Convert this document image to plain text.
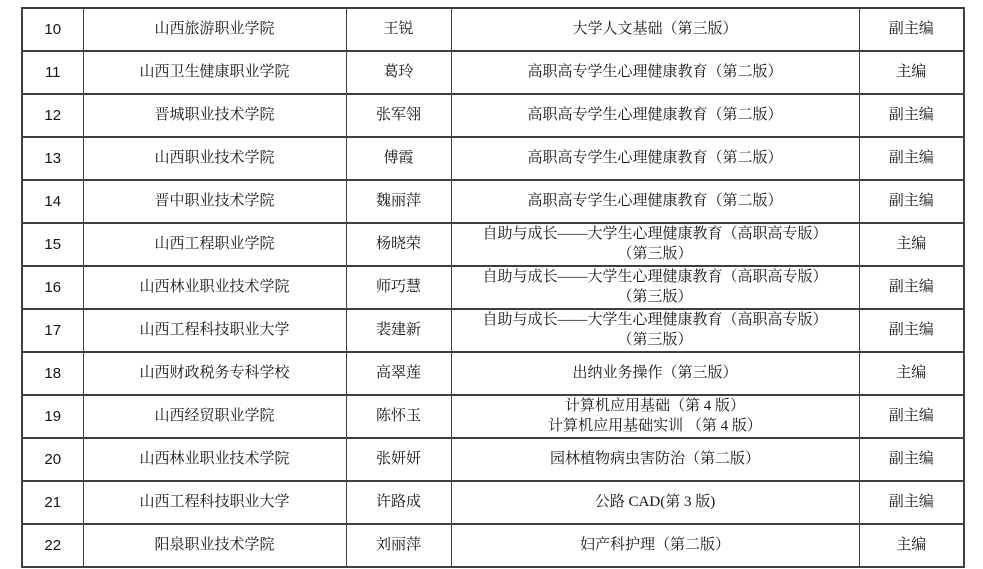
10	山西旅游职业学院	王锐	大学人文基础（第三版）	副主编
11	山西卫生健康职业学院	葛玲	高职高专学生心理健康教育（第二版）	主编
12	晋城职业技术学院	张军翎	高职高专学生心理健康教育（第二版）	副主编
13	山西职业技术学院	傅霞	高职高专学生心理健康教育（第二版）	副主编
14	晋中职业技术学院	魏丽萍	高职高专学生心理健康教育（第二版）	副主编
15	山西工程职业学院	杨晓荣	自助与成长——大学生心理健康教育（高职高专版）
（第三版）	主编
16	山西林业职业技术学院	师巧慧	自助与成长——大学生心理健康教育（高职高专版）
（第三版）	副主编
17	山西工程科技职业大学	裴建新	自助与成长——大学生心理健康教育（高职高专版）
（第三版）	副主编
18	山西财政税务专科学校	高翠莲	出纳业务操作（第三版）	主编
19	山西经贸职业学院	陈怀玉	计算机应用基础（第 4 版）
计算机应用基础实训 （第 4 版）	副主编
20	山西林业职业技术学院	张妍妍	园林植物病虫害防治（第二版）	副主编
21	山西工程科技职业大学	许路成	公路 CAD(第 3 版)	副主编
22	阳泉职业技术学院	刘丽萍	妇产科护理（第二版）	主编
